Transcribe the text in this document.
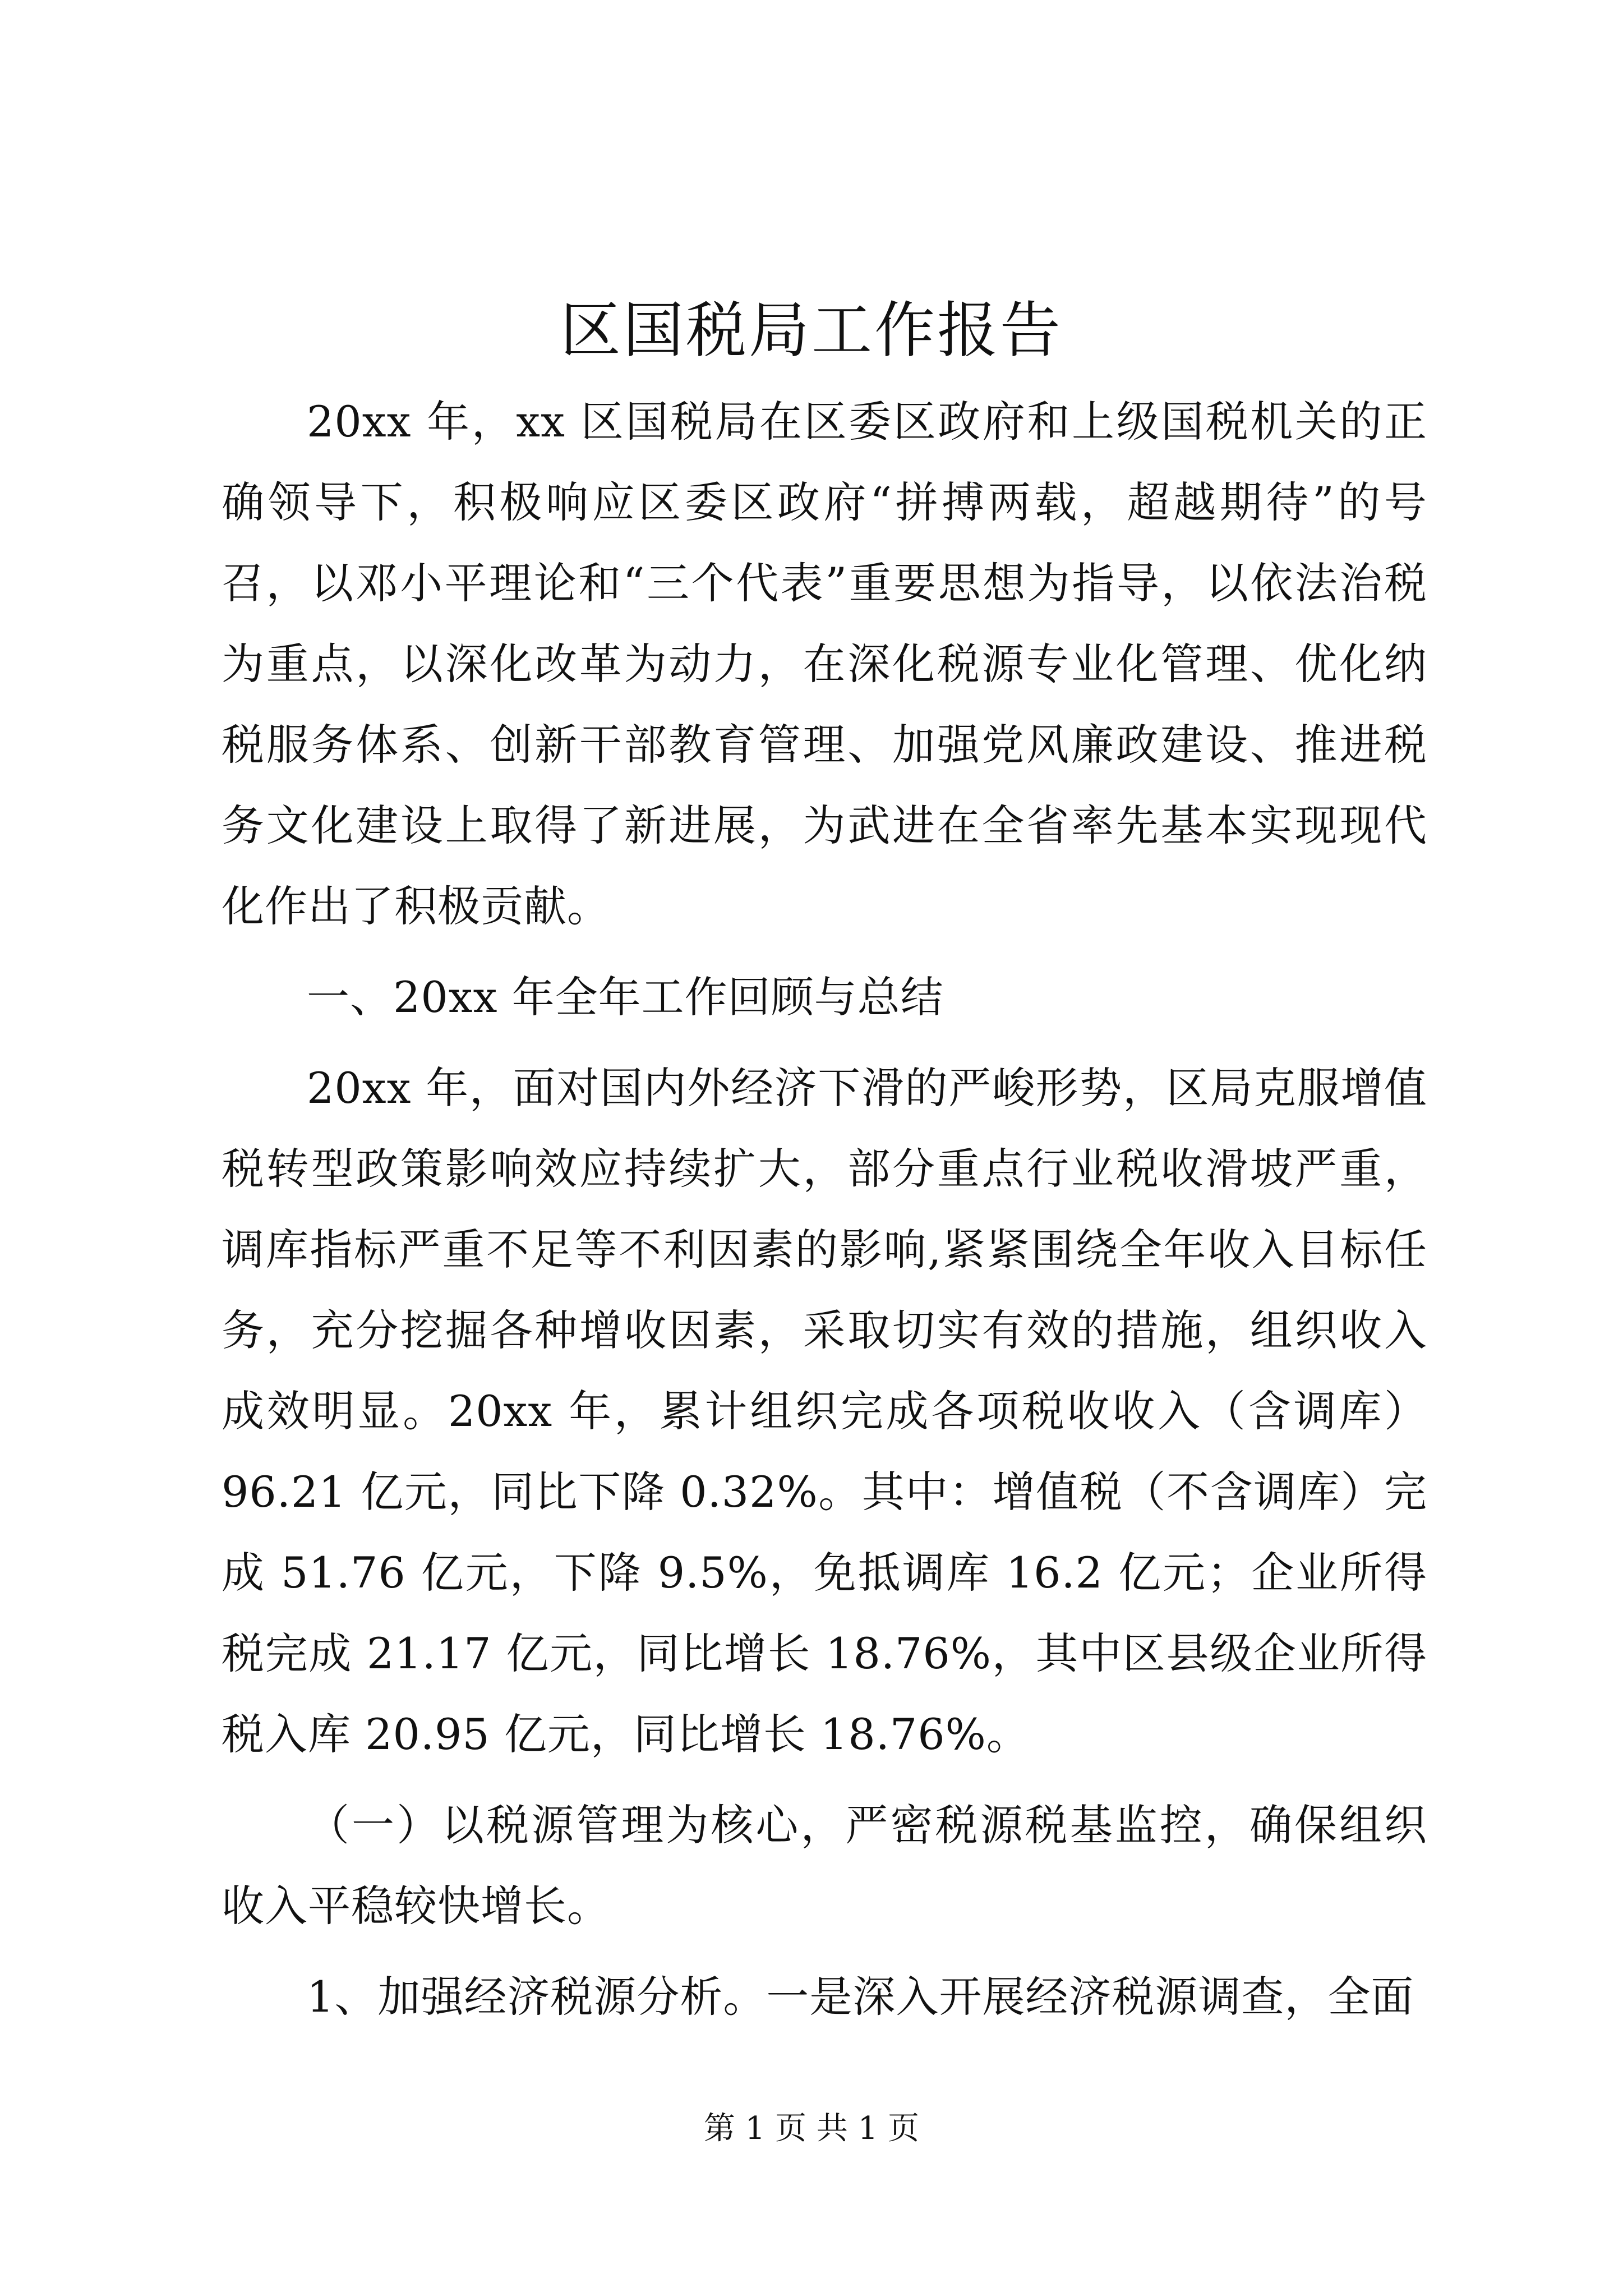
区国税局工作报告

20xx 年，xx 区国税局在区委区政府和上级国税机关的正确领导下，积极响应区委区政府“拼搏两载，超越期待”的号召，以邓小平理论和“三个代表”重要思想为指导，以依法治税为重点，以深化改革为动力，在深化税源专业化管理、优化纳税服务体系、创新干部教育管理、加强党风廉政建设、推进税务文化建设上取得了新进展，为武进在全省率先基本实现现代化作出了积极贡献。

一、20xx 年全年工作回顾与总结

20xx 年，面对国内外经济下滑的严峻形势，区局克服增值税转型政策影响效应持续扩大，部分重点行业税收滑坡严重，调库指标严重不足等不利因素的影响,紧紧围绕全年收入目标任务，充分挖掘各种增收因素，采取切实有效的措施，组织收入成效明显。20xx 年，累计组织完成各项税收收入（含调库）96.21 亿元，同比下降 0.32%。其中：增值税（不含调库）完成 51.76 亿元，下降 9.5%，免抵调库 16.2 亿元；企业所得税完成 21.17 亿元，同比增长 18.76%，其中区县级企业所得税入库 20.95 亿元，同比增长 18.76%。

（一）以税源管理为核心，严密税源税基监控，确保组织收入平稳较快增长。

1、加强经济税源分析。一是深入开展经济税源调查，全面

第 1 页 共 1 页
